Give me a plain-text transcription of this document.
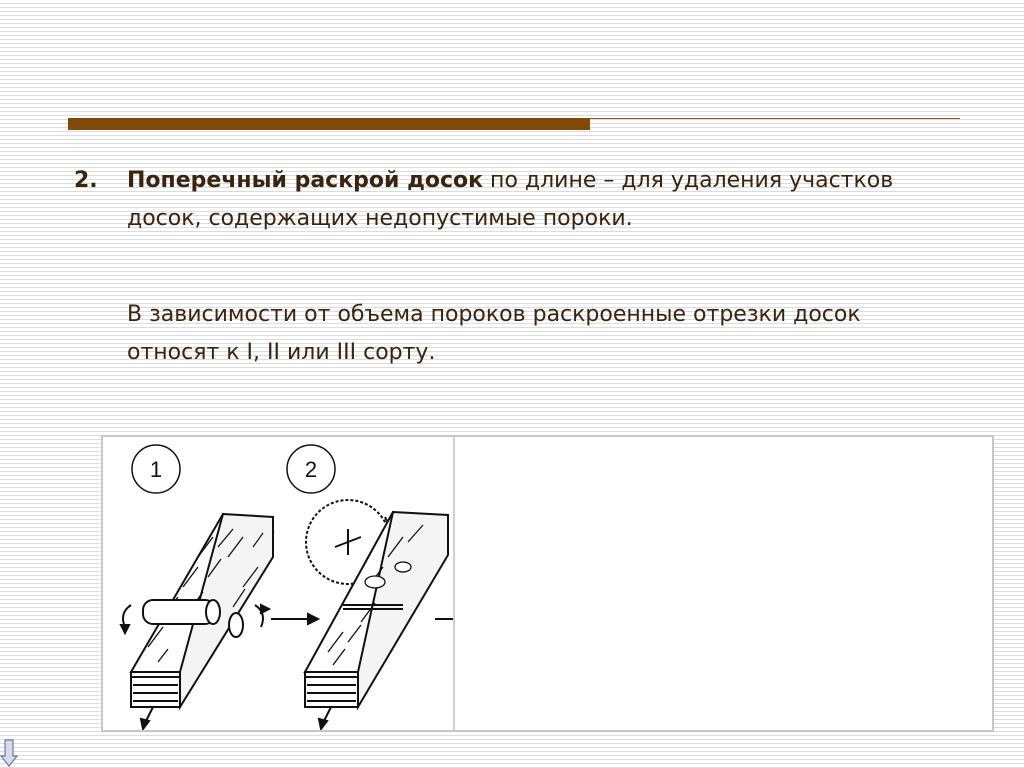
2. Поперечный раскрой досок по длине – для удаления участков досок, содержащих недопустимые пороки.
В зависимости от объема пороков раскроенные отрезки досок относят к I, II или III сорту.
1	2
